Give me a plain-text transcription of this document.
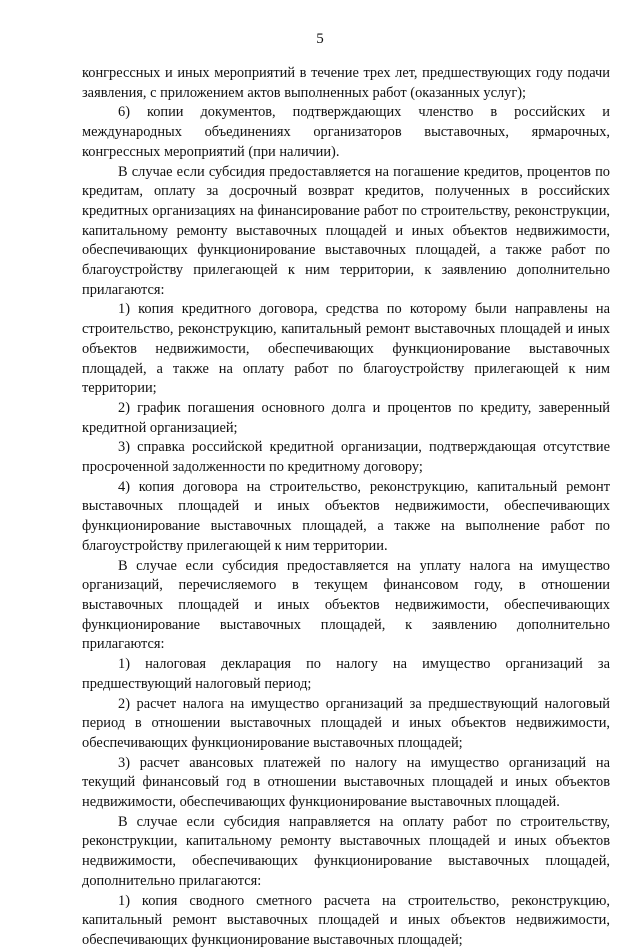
5

конгрессных и иных мероприятий в течение трех лет, предшествующих году подачи заявления, с приложением актов выполненных работ (оказанных услуг);

6) копии документов, подтверждающих членство в российских и международных объединениях организаторов выставочных, ярмарочных, конгрессных мероприятий (при наличии).

В случае если субсидия предоставляется на погашение кредитов, процентов по кредитам, оплату за досрочный возврат кредитов, полученных в российских кредитных организациях на финансирование работ по строительству, реконструкции, капитальному ремонту выставочных площадей и иных объектов недвижимости, обеспечивающих функционирование выставочных площадей, а также работ по благоустройству прилегающей к ним территории, к заявлению дополнительно прилагаются:

1) копия кредитного договора, средства по которому были направлены на строительство, реконструкцию, капитальный ремонт выставочных площадей и иных объектов недвижимости, обеспечивающих функционирование выставочных площадей, а также на оплату работ по благоустройству прилегающей к ним территории;

2) график погашения основного долга и процентов по кредиту, заверенный кредитной организацией;

3) справка российской кредитной организации, подтверждающая отсутствие просроченной задолженности по кредитному договору;

4) копия договора на строительство, реконструкцию, капитальный ремонт выставочных площадей и иных объектов недвижимости, обеспечивающих функционирование выставочных площадей, а также на выполнение работ по благоустройству прилегающей к ним территории.

В случае если субсидия предоставляется на уплату налога на имущество организаций, перечисляемого в текущем финансовом году, в отношении выставочных площадей и иных объектов недвижимости, обеспечивающих функционирование выставочных площадей, к заявлению дополнительно прилагаются:

1) налоговая декларация по налогу на имущество организаций за предшествующий налоговый период;

2) расчет налога на имущество организаций за предшествующий налоговый период в отношении выставочных площадей и иных объектов недвижимости, обеспечивающих функционирование выставочных площадей;

3) расчет авансовых платежей по налогу на имущество организаций на текущий финансовый год в отношении выставочных площадей и иных объектов недвижимости, обеспечивающих функционирование выставочных площадей.

В случае если субсидия направляется на оплату работ по строительству, реконструкции, капитальному ремонту выставочных площадей и иных объектов недвижимости, обеспечивающих функционирование выставочных площадей, дополнительно прилагаются:

1) копия сводного сметного расчета на строительство, реконструкцию, капитальный ремонт выставочных площадей и иных объектов недвижимости, обеспечивающих функционирование выставочных площадей;
